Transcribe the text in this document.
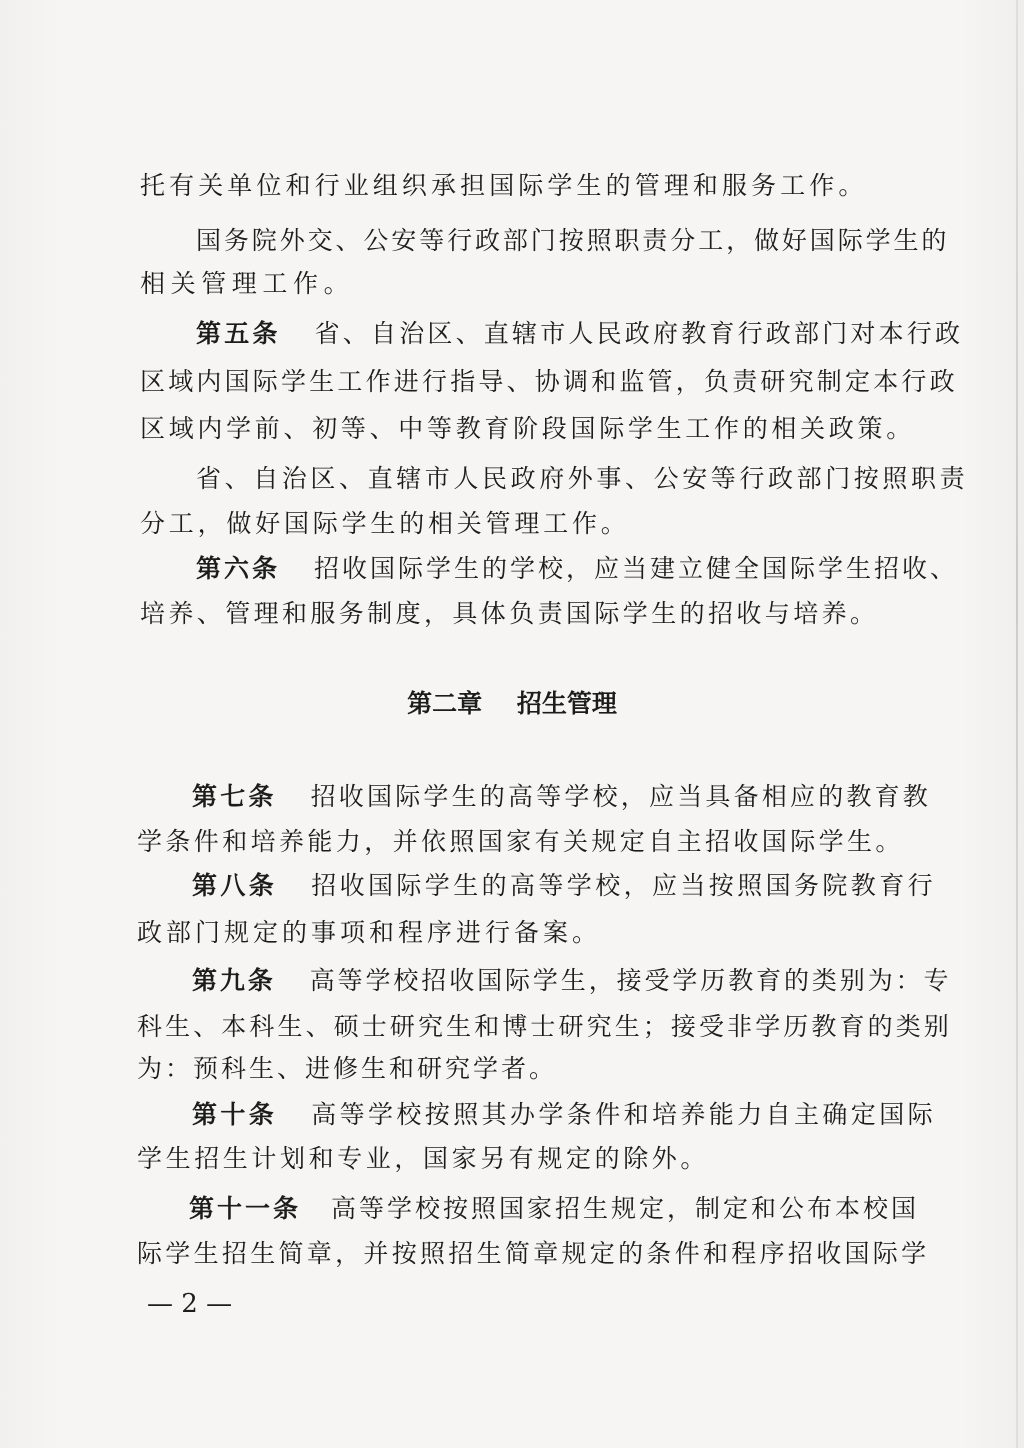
托有关单位和行业组织承担国际学生的管理和服务工作。
国务院外交、公安等行政部门按照职责分工，做好国际学生的
相关管理工作。
第五条 省、自治区、直辖市人民政府教育行政部门对本行政
区域内国际学生工作进行指导、协调和监管，负责研究制定本行政
区域内学前、初等、中等教育阶段国际学生工作的相关政策。
省、自治区、直辖市人民政府外事、公安等行政部门按照职责
分工，做好国际学生的相关管理工作。
第六条 招收国际学生的学校，应当建立健全国际学生招收、
培养、管理和服务制度，具体负责国际学生的招收与培养。
第二章    招生管理
第七条 招收国际学生的高等学校，应当具备相应的教育教
学条件和培养能力，并依照国家有关规定自主招收国际学生。
第八条 招收国际学生的高等学校，应当按照国务院教育行
政部门规定的事项和程序进行备案。
第九条 高等学校招收国际学生，接受学历教育的类别为：专
科生、本科生、硕士研究生和博士研究生；接受非学历教育的类别
为：预科生、进修生和研究学者。
第十条 高等学校按照其办学条件和培养能力自主确定国际
学生招生计划和专业，国家另有规定的除外。
第十一条 高等学校按照国家招生规定，制定和公布本校国
际学生招生简章，并按照招生简章规定的条件和程序招收国际学
— 2 —
